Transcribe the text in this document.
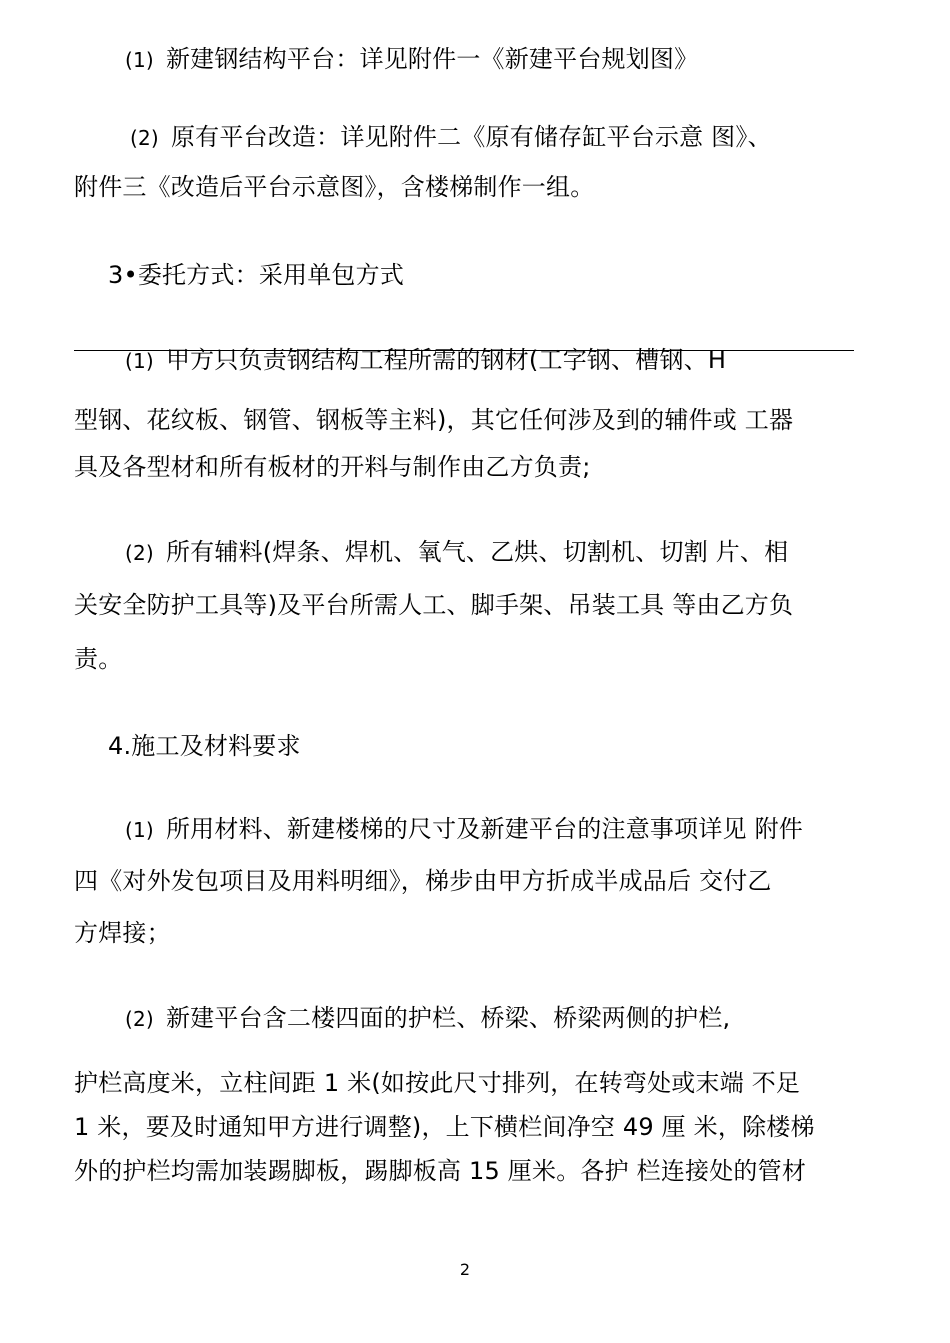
(1) 新建钢结构平台：详见附件一《新建平台规划图》
(2) 原有平台改造：详见附件二《原有储存缸平台示意 图》、
附件三《改造后平台示意图》，含楼梯制作一组。
3•委托方式：采用单包方式
(1) 甲方只负责钢结构工程所需的钢材(工字钢、槽钢、H
型钢、花纹板、钢管、钢板等主料)，其它任何涉及到的辅件或 工器
具及各型材和所有板材的开料与制作由乙方负责;
(2) 所有辅料(焊条、焊机、氧气、乙烘、切割机、切割 片、相
关安全防护工具等)及平台所需人工、脚手架、吊装工具 等由乙方负
责。
4.施工及材料要求
(1) 所用材料、新建楼梯的尺寸及新建平台的注意事项详见 附件
四《对外发包项目及用料明细》，梯步由甲方折成半成品后 交付乙
方焊接；
(2) 新建平台含二楼四面的护栏、桥梁、桥梁两侧的护栏,
护栏高度米，立柱间距 1 米(如按此尺寸排列，在转弯处或末端 不足
1 米，要及时通知甲方进行调整)，上下横栏间净空 49 厘 米，除楼梯
外的护栏均需加装踢脚板，踢脚板高 15 厘米。各护 栏连接处的管材
2
